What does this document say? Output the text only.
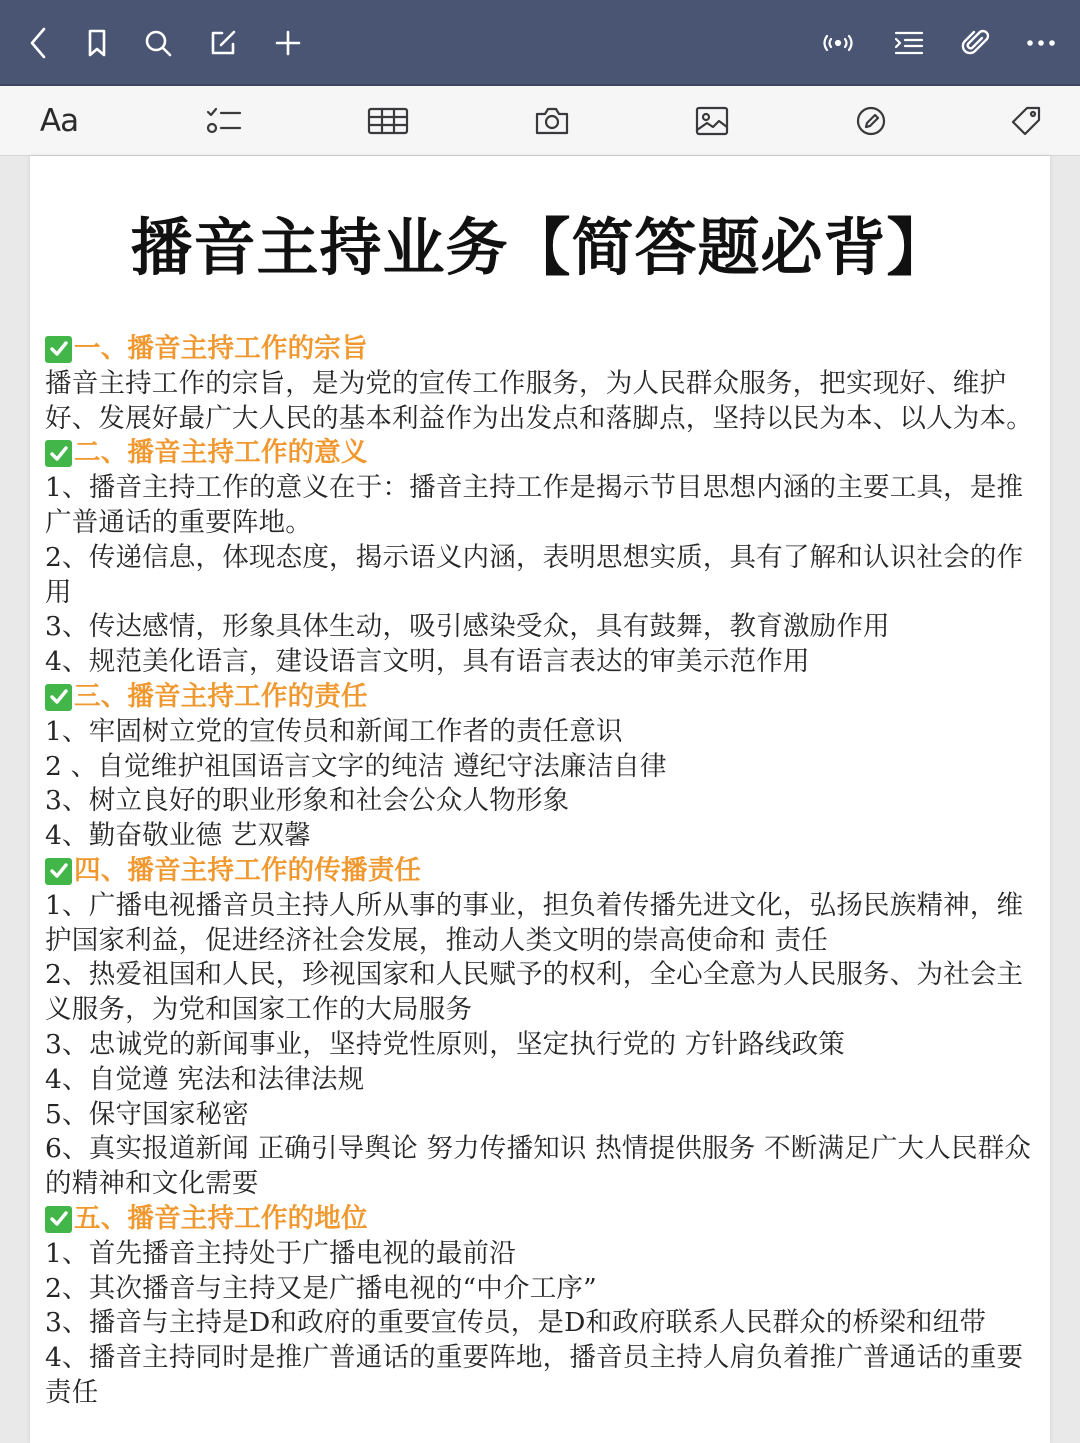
Aa
播音主持业务【简答题必背】
一、播音主持工作的宗旨
播音主持工作的宗旨，是为党的宣传工作服务，为人民群众服务，把实现好、维护好、发展好最广大人民的基本利益作为出发点和落脚点，坚持以民为本、以人为本。
二、播音主持工作的意义
1、播音主持工作的意义在于：播音主持工作是揭示节目思想内涵的主要工具，是推广普通话的重要阵地。
2、传递信息，体现态度，揭示语义内涵，表明思想实质，具有了解和认识社会的作用
3、传达感情，形象具体生动，吸引感染受众，具有鼓舞，教育激励作用
4、规范美化语言，建设语言文明，具有语言表达的审美示范作用
三、播音主持工作的责任
1、牢固树立党的宣传员和新闻工作者的责任意识
2 、自觉维护祖国语言文字的纯洁 遵纪守法廉洁自律
3、树立良好的职业形象和社会公众人物形象
4、勤奋敬业德 艺双馨
四、播音主持工作的传播责任
1、广播电视播音员主持人所从事的事业，担负着传播先进文化，弘扬民族精神，维护国家利益，促进经济社会发展，推动人类文明的崇高使命和 责任
2、热爱祖国和人民，珍视国家和人民赋予的权利，全心全意为人民服务、为社会主义服务，为党和国家工作的大局服务
3、忠诚党的新闻事业，坚持党性原则，坚定执行党的 方针路线政策
4、自觉遵 宪法和法律法规
5、保守国家秘密
6、真实报道新闻 正确引导舆论 努力传播知识 热情提供服务 不断满足广大人民群众的精神和文化需要
五、播音主持工作的地位
1、首先播音主持处于广播电视的最前沿
2、其次播音与主持又是广播电视的“中介工序”
3、播音与主持是D和政府的重要宣传员，是D和政府联系人民群众的桥梁和纽带
4、播音主持同时是推广普通话的重要阵地，播音员主持人肩负着推广普通话的重要责任
